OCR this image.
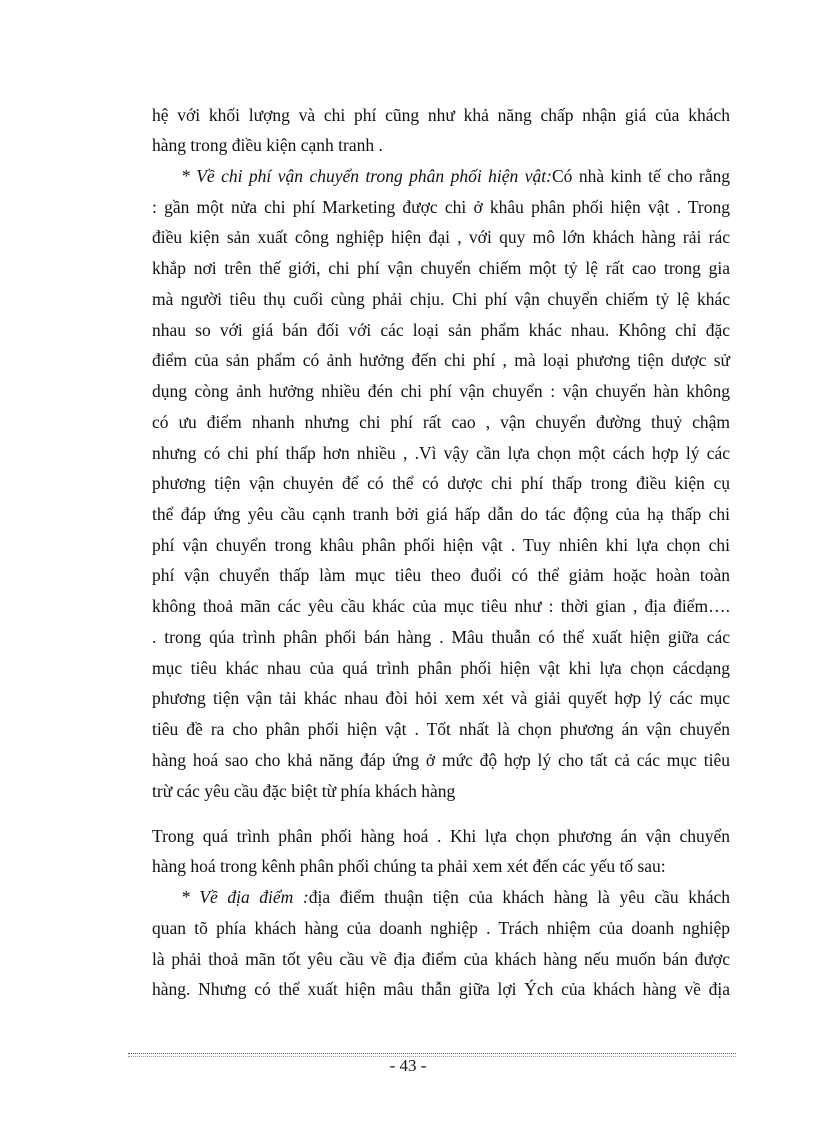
hệ với khối lượng và chi phí cũng như khả năng chấp nhận giá của khách
hàng trong điều kiện cạnh tranh .
* Về chi phí vận chuyển trong phân phối hiện vật:Có nhà kinh tế cho rằng
: gần một nửa chi phí Marketing được chi ở khâu phân phối hiện vật . Trong
điều kiện sản xuất công nghiệp hiện đại , với quy mô lớn khách hàng rải rác
khắp nơi trên thế giới, chi phí vận chuyển chiếm một tỷ lệ rất cao trong gia
mà người tiêu thụ cuối cùng phải chịu. Chi phí vận chuyển chiếm tỷ lệ khác
nhau so với giá bán đối với các loại sản phẩm khác nhau. Không chỉ đặc
điểm của sản phẩm có ảnh hưởng đến chi phí , mà loại phương tiện dược sử
dụng còng ảnh hưởng nhiều đén chi phí vận chuyển : vận chuyển hàn không
có ưu điểm nhanh nhưng chi phí rất cao , vận chuyển đường thuỷ chậm
nhưng có chi phí thấp hơn nhiều , .Vì vậy cần lựa chọn một cách hợp lý các
phương tiện vận chuyẻn để có thể có dược chi phí thấp trong điều kiện cụ
thể đáp ứng yêu cầu cạnh tranh bởi giá hấp dẫn do tác động của hạ thấp chi
phí vận chuyển trong khâu phân phối hiện vật . Tuy nhiên khi lựa chọn chi
phí vận chuyển thấp làm mục tiêu theo đuổi có thể giảm hoặc hoàn toàn
không thoả mãn các yêu cầu khác của mục tiêu như : thời gian , địa điểm….
. trong qúa trình phân phối bán hàng . Mâu thuẫn có thể xuất hiện giữa các
mục tiêu khác nhau của quá trình phân phối hiện vật khi lựa chọn cácdạng
phương tiện vận tải khác nhau đòi hỏi xem xét và giải quyết hợp lý các mục
tiêu đề ra cho phân phối hiện vật . Tốt nhất là chọn phương án vận chuyển
hàng hoá sao cho khả năng đáp ứng ở mức độ hợp lý cho tất cả các mục tiêu
trừ các yêu cầu đặc biệt từ phía khách hàng
Trong quá trình phân phối hàng hoá . Khi lựa chọn phương án vận chuyển
hàng hoá trong kênh phân phối chúng ta phải xem xét đến các yếu tố sau:
* Về địa điểm :địa điểm thuận tiện của khách hàng là yêu cầu khách
quan tõ phía khách hàng của doanh nghiệp . Trách nhiệm của doanh nghiệp
là phải thoả mãn tốt yêu cầu về địa điểm của khách hàng nếu muốn bán được
hàng. Nhưng có thể xuất hiện mâu thẫn giữa lợi Ých của khách hàng về địa
- 43 -
